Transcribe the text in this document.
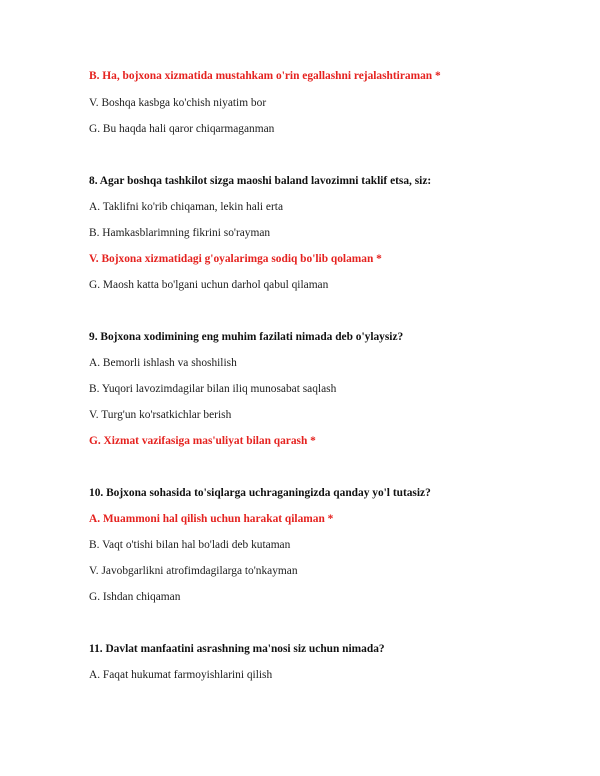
B. Ha, bojxona xizmatida mustahkam o'rin egallashni rejalashtiraman *
V. Boshqa kasbga ko'chish niyatim bor
G. Bu haqda hali qaror chiqarmaganman
8. Agar boshqa tashkilot sizga maoshi baland lavozimni taklif etsa, siz:
A. Taklifni ko'rib chiqaman, lekin hali erta
B. Hamkasblarimning fikrini so'rayman
V. Bojxona xizmatidagi g'oyalarimga sodiq bo'lib qolaman *
G. Maosh katta bo'lgani uchun darhol qabul qilaman
9. Bojxona xodimining eng muhim fazilati nimada deb o'ylaysiz?
A. Bemorli ishlash va shoshilish
B. Yuqori lavozimdagilar bilan iliq munosabat saqlash
V. Turg'un ko'rsatkichlar berish
G. Xizmat vazifasiga mas'uliyat bilan qarash *
10. Bojxona sohasida to'siqlarga uchraganingizda qanday yo'l tutasiz?
A. Muammoni hal qilish uchun harakat qilaman *
B. Vaqt o'tishi bilan hal bo'ladi deb kutaman
V. Javobgarlikni atrofimdagilarga to'nkayman
G. Ishdan chiqaman
11. Davlat manfaatini asrashning ma'nosi siz uchun nimada?
A. Faqat hukumat farmoyishlarini qilish
